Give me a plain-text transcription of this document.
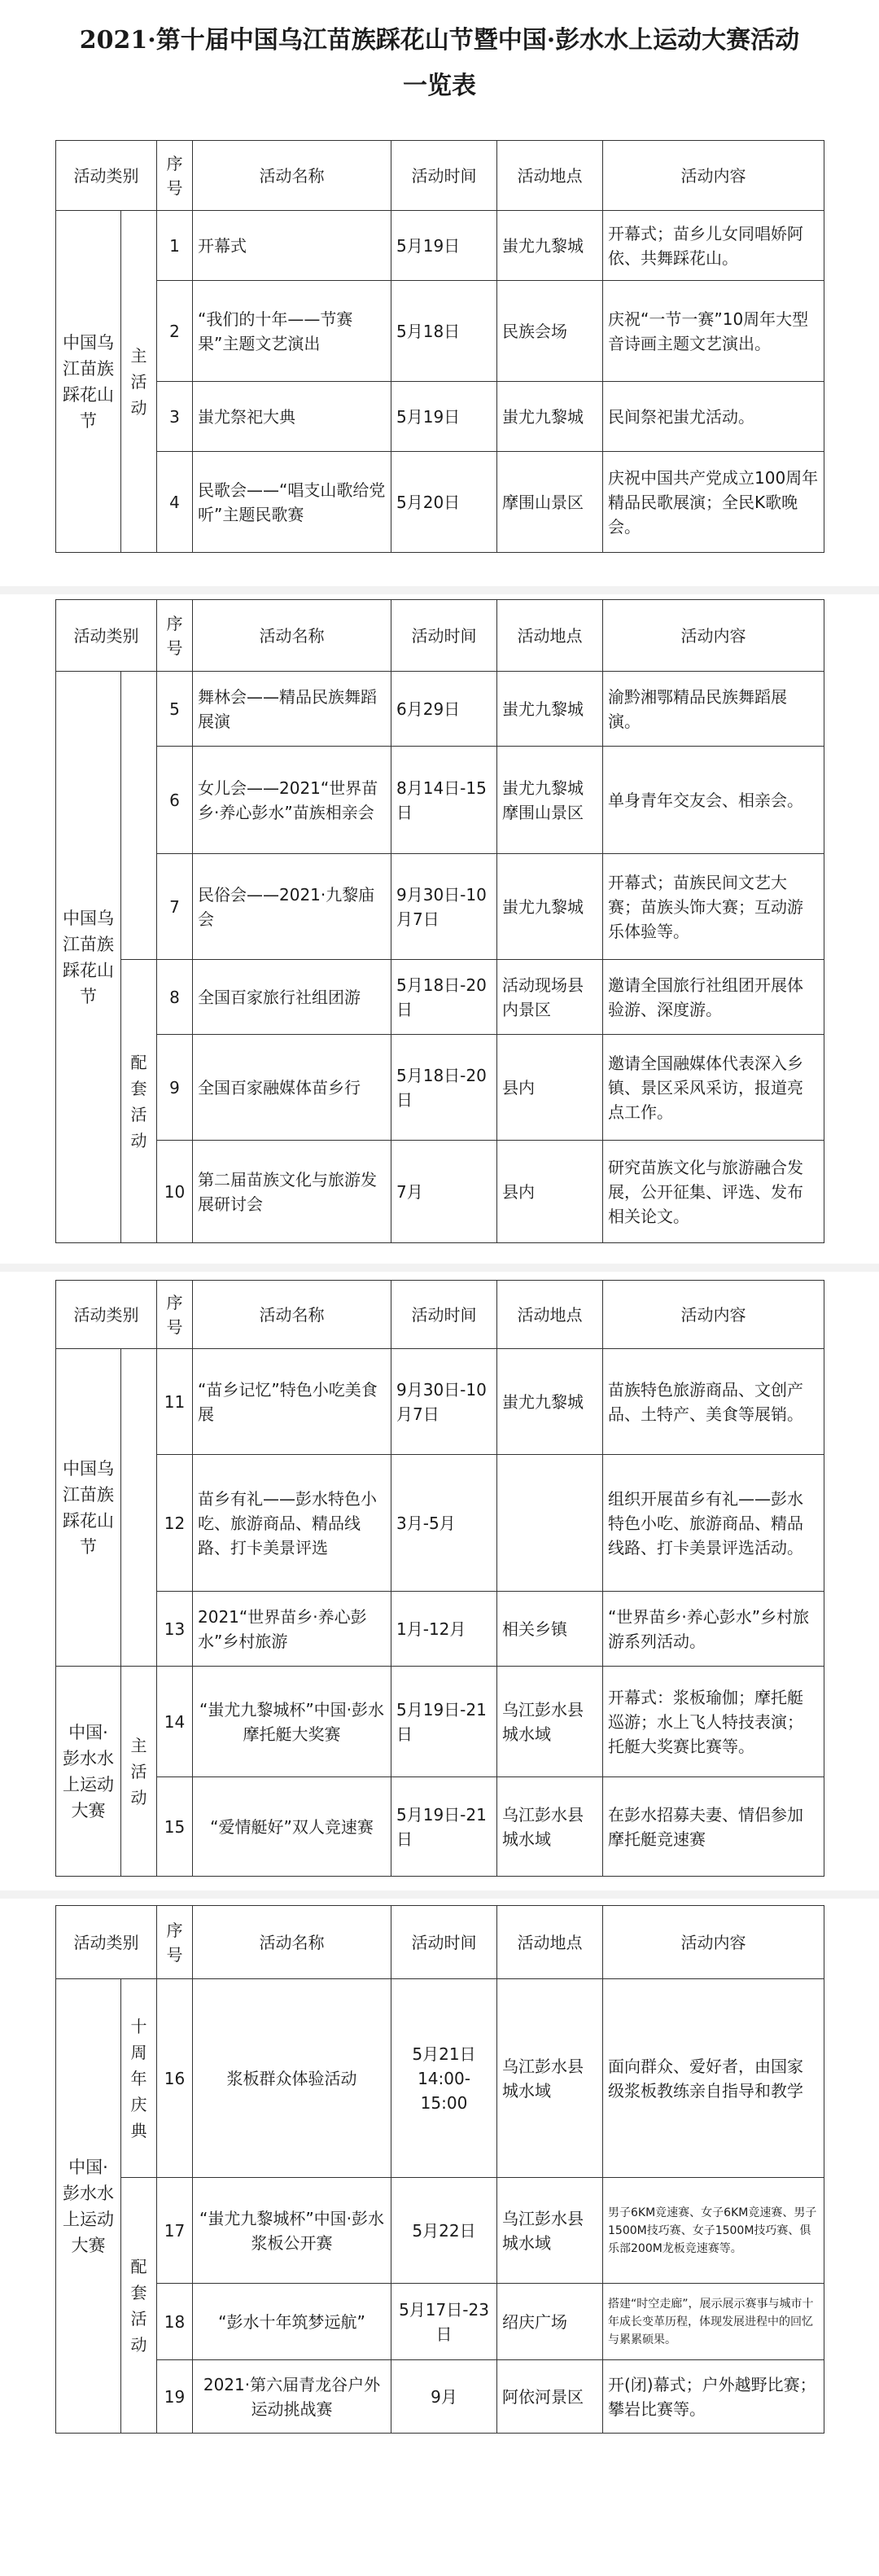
2021·第十届中国乌江苗族踩花山节暨中国·彭水水上运动大赛活动
一览表
活动类别		序号	活动名称	活动时间	活动地点	活动内容
中国乌江苗族踩花山节	主活动	1	开幕式	5月19日	蚩尤九黎城	开幕式；苗乡儿女同唱娇阿依、共舞踩花山。
		2	“我们的十年——节赛果”主题文艺演出	5月18日	民族会场	庆祝“一节一赛”10周年大型音诗画主题文艺演出。
		3	蚩尤祭祀大典	5月19日	蚩尤九黎城	民间祭祀蚩尤活动。
		4	民歌会——“唱支山歌给党听”主题民歌赛	5月20日	摩围山景区	庆祝中国共产党成立100周年精品民歌展演；全民K歌晚会。
活动类别		序号	活动名称	活动时间	活动地点	活动内容
中国乌江苗族踩花山节		5	舞林会——精品民族舞蹈展演	6月29日	蚩尤九黎城	渝黔湘鄂精品民族舞蹈展演。
		6	女儿会——2021“世界苗乡·养心彭水”苗族相亲会	8月14日-15日	蚩尤九黎城摩围山景区	单身青年交友会、相亲会。
		7	民俗会——2021·九黎庙会	9月30日-10月7日	蚩尤九黎城	开幕式；苗族民间文艺大赛；苗族头饰大赛；互动游乐体验等。
	配套活动	8	全国百家旅行社组团游	5月18日-20日	活动现场县内景区	邀请全国旅行社组团开展体验游、深度游。
		9	全国百家融媒体苗乡行	5月18日-20日	县内	邀请全国融媒体代表深入乡镇、景区采风采访，报道亮点工作。
		10	第二届苗族文化与旅游发展研讨会	7月	县内	研究苗族文化与旅游融合发展，公开征集、评选、发布相关论文。
活动类别		序号	活动名称	活动时间	活动地点	活动内容
中国乌江苗族踩花山节		11	“苗乡记忆”特色小吃美食展	9月30日-10月7日	蚩尤九黎城	苗族特色旅游商品、文创产品、土特产、美食等展销。
		12	苗乡有礼——彭水特色小吃、旅游商品、精品线路、打卡美景评选	3月-5月		组织开展苗乡有礼——彭水特色小吃、旅游商品、精品线路、打卡美景评选活动。
		13	2021“世界苗乡·养心彭水”乡村旅游	1月-12月	相关乡镇	“世界苗乡·养心彭水”乡村旅游系列活动。
中国·彭水水上运动大赛	主活动	14	“蚩尤九黎城杯”中国·彭水摩托艇大奖赛	5月19日-21日	乌江彭水县城水域	开幕式：浆板瑜伽；摩托艇巡游；水上飞人特技表演；托艇大奖赛比赛等。
		15	“爱情艇好”双人竞速赛	5月19日-21日	乌江彭水县城水域	在彭水招募夫妻、情侣参加摩托艇竞速赛
活动类别		序号	活动名称	活动时间	活动地点	活动内容
中国·彭水水上运动大赛	十周年庆典	16	浆板群众体验活动	5月21日 14:00-15:00	乌江彭水县城水域	面向群众、爱好者，由国家级浆板教练亲自指导和教学
	配套活动	17	“蚩尤九黎城杯”中国·彭水浆板公开赛	5月22日	乌江彭水县城水域	男子6KM竞速赛、女子6KM竞速赛、男子1500M技巧赛、女子1500M技巧赛、俱乐部200M龙板竞速赛等。
		18	“彭水十年筑梦远航”	5月17日-23日	绍庆广场	搭建“时空走廊”，展示展示赛事与城市十年成长变革历程，体现发展进程中的回忆与累累硕果。
		19	2021·第六届青龙谷户外运动挑战赛	9月	阿依河景区	开(闭)幕式；户外越野比赛；攀岩比赛等。
